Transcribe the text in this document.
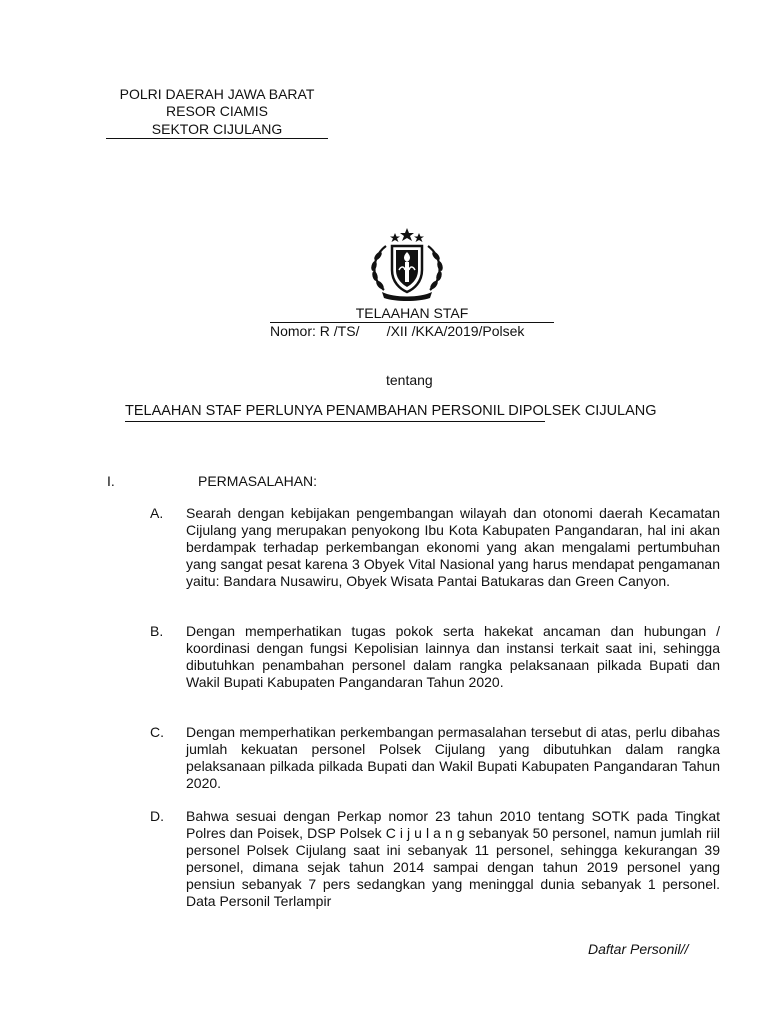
POLRI DAERAH JAWA BARAT
RESOR CIAMIS
SEKTOR CIJULANG
TELAAHAN STAF
Nomor: R /TS/       /XII /KKA/2019/Polsek
tentang
TELAAHAN STAF PERLUNYA PENAMBAHAN PERSONIL DIPOLSEK CIJULANG
I.	PERMASALAHAN:
A.	Searah dengan kebijakan pengembangan wilayah dan otonomi daerah Kecamatan Cijulang yang merupakan penyokong Ibu Kota Kabupaten Pangandaran, hal ini akan berdampak terhadap perkembangan ekonomi yang akan mengalami pertumbuhan yang sangat pesat karena 3 Obyek Vital Nasional yang harus mendapat pengamanan yaitu: Bandara Nusawiru, Obyek Wisata Pantai Batukaras dan Green Canyon.
B.	Dengan memperhatikan tugas pokok serta hakekat ancaman dan hubungan / koordinasi dengan fungsi Kepolisian lainnya dan instansi terkait saat ini, sehingga dibutuhkan penambahan personel dalam rangka pelaksanaan pilkada Bupati dan Wakil Bupati Kabupaten Pangandaran Tahun 2020.
C.	Dengan memperhatikan perkembangan permasalahan tersebut di atas, perlu dibahas jumlah kekuatan personel Polsek Cijulang yang dibutuhkan dalam rangka pelaksanaan pilkada pilkada Bupati dan Wakil Bupati Kabupaten Pangandaran Tahun 2020.
D.	Bahwa sesuai dengan Perkap nomor 23 tahun 2010 tentang SOTK pada Tingkat Polres dan Poisek, DSP Polsek C i j u l a n g sebanyak 50 personel, namun jumlah riil personel Polsek Cijulang saat ini sebanyak 11 personel, sehingga kekurangan 39 personel, dimana sejak tahun 2014 sampai dengan tahun 2019 personel yang pensiun sebanyak 7 pers sedangkan yang meninggal dunia sebanyak 1 personel. Data Personil Terlampir
Daftar Personil//
